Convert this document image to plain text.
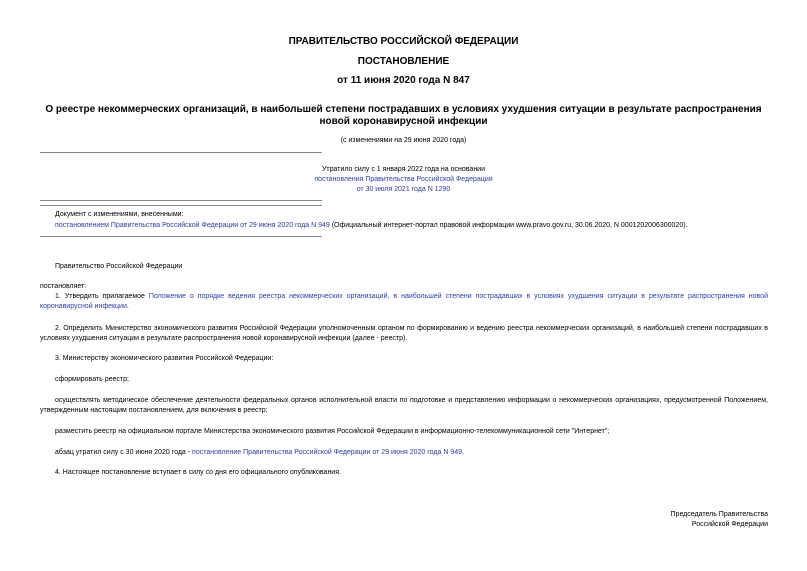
ПРАВИТЕЛЬСТВО РОССИЙСКОЙ ФЕДЕРАЦИИ
ПОСТАНОВЛЕНИЕ
от 11 июня 2020 года N 847
О реестре некоммерческих организаций, в наибольшей степени пострадавших в условиях ухудшения ситуации в результате распространения новой коронавирусной инфекции
(с изменениями на 29 июня 2020 года)
Утратило силу с 1 января 2022 года на основании
постановления Правительства Российской Федерации
от 30 июля 2021 года N 1290
Документ с изменениями, внесенными:
постановлением Правительства Российской Федерации от 29 июня 2020 года N 949 (Официальный интернет-портал правовой информации www.pravo.gov.ru, 30.06.2020, N 0001202006300020).
Правительство Российской Федерации
постановляет:
1. Утвердить прилагаемое Положение о порядке ведения реестра некоммерческих организаций, в наибольшей степени пострадавших в условиях ухудшения ситуации в результате распространения новой коронавирусной инфекции.
2. Определить Министерство экономического развития Российской Федерации уполномоченным органом по формированию и ведению реестра некоммерческих организаций, в наибольшей степени пострадавших в условиях ухудшения ситуации в результате распространения новой коронавирусной инфекции (далее - реестр).
3. Министерству экономического развития Российской Федерации:
сформировать реестр;
осуществлять методическое обеспечение деятельности федеральных органов исполнительной власти по подготовке и представлению информации о некоммерческих организациях, предусмотренной Положением, утвержденным настоящим постановлением, для включения в реестр;
разместить реестр на официальном портале Министерства экономического развития Российской Федерации в информационно-телекоммуникационной сети "Интернет";
абзац утратил силу с 30 июня 2020 года - постановление Правительства Российской Федерации от 29 июня 2020 года N 949.
4. Настоящее постановление вступает в силу со дня его официального опубликования.
Председатель Правительства
Российской Федерации
